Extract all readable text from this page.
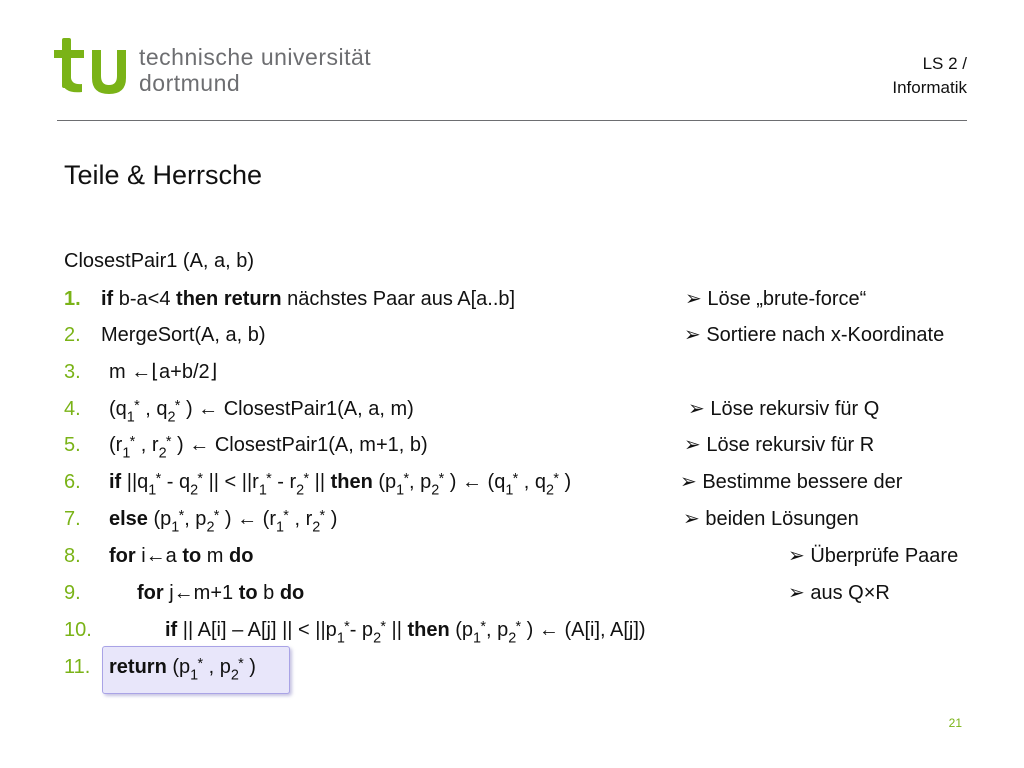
technische universität
dortmund
LS 2 /
Informatik
Teile & Herrsche
ClosestPair1 (A, a, b)
1. if b-a<4 then return nächstes Paar aus A[a..b]	➢ Löse „brute-force“
2. MergeSort(A, a, b)	➢ Sortiere nach x-Koordinate
3. m ←⌊a+b/2⌋
4. ($q_1^*$ , $q_2^*$ ) ← ClosestPair1(A, a, m)	➢ Löse rekursiv für Q
5. ($r_1^*$ , $r_2^*$ ) ← ClosestPair1(A, m+1, b)	➢ Löse rekursiv für R
6. if $||q_1^* - q_2^*$ || < $||r_1^* - r_2^*$ || then ($p_1^*$, $p_2^*$ ) ← ($q_1^*$ , $q_2^*$ )	➢ Bestimme bessere der
7. else ($p_1^*$, $p_2^*$ ) ← ($r_1^*$ , $r_2^*$ )	➢ beiden Lösungen
8. for i←a to m do	➢ Überprüfe Paare
9.	for j←m+1 to b do	➢ aus Q×R
10.	if || A[i] – A[j] || < $||p_1^*-$ $p_2^*$ || then ($p_1^*$, $p_2^*$ ) ← (A[i], A[j])
11. return ($p_1^*$ , $p_2^*$ )
21
